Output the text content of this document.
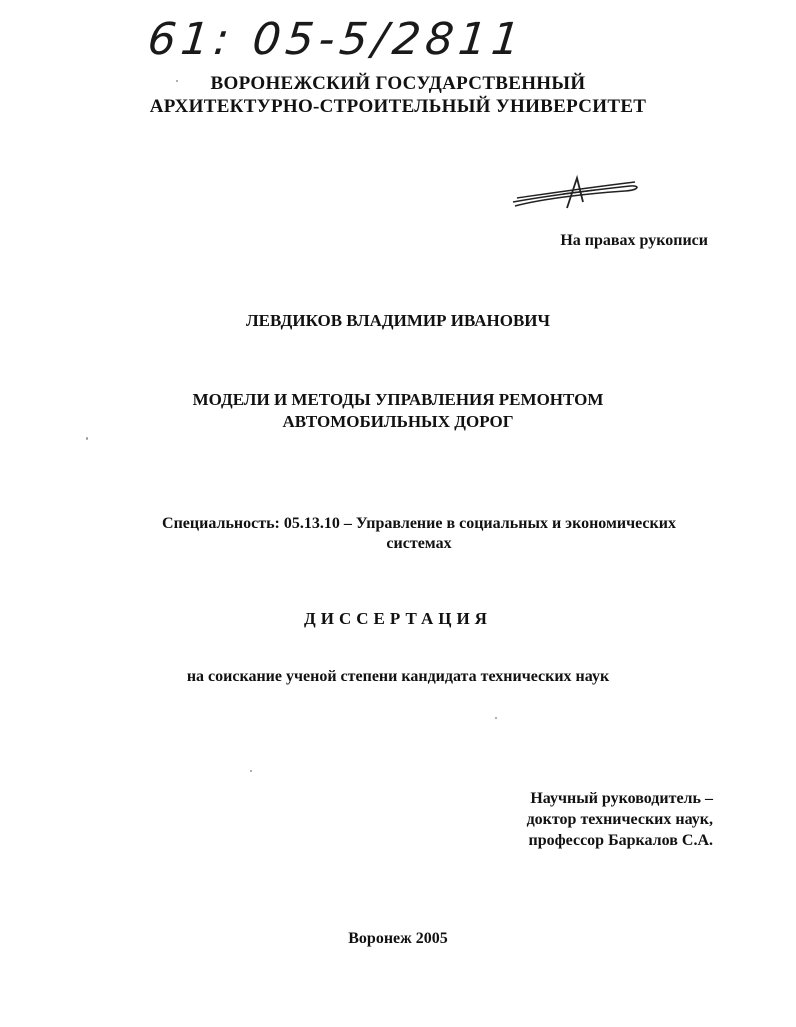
61: 05-5/2811
ВОРОНЕЖСКИЙ ГОСУДАРСТВЕННЫЙ
АРХИТЕКТУРНО-СТРОИТЕЛЬНЫЙ УНИВЕРСИТЕТ
На правах рукописи
ЛЕВДИКОВ ВЛАДИМИР ИВАНОВИЧ
МОДЕЛИ И МЕТОДЫ УПРАВЛЕНИЯ РЕМОНТОМ
АВТОМОБИЛЬНЫХ ДОРОГ
Специальность: 05.13.10 – Управление в социальных и экономических
системах
ДИССЕРТАЦИЯ
на соискание ученой степени кандидата технических наук
Научный руководитель –
доктор технических наук,
профессор Баркалов С.А.
Воронеж 2005
